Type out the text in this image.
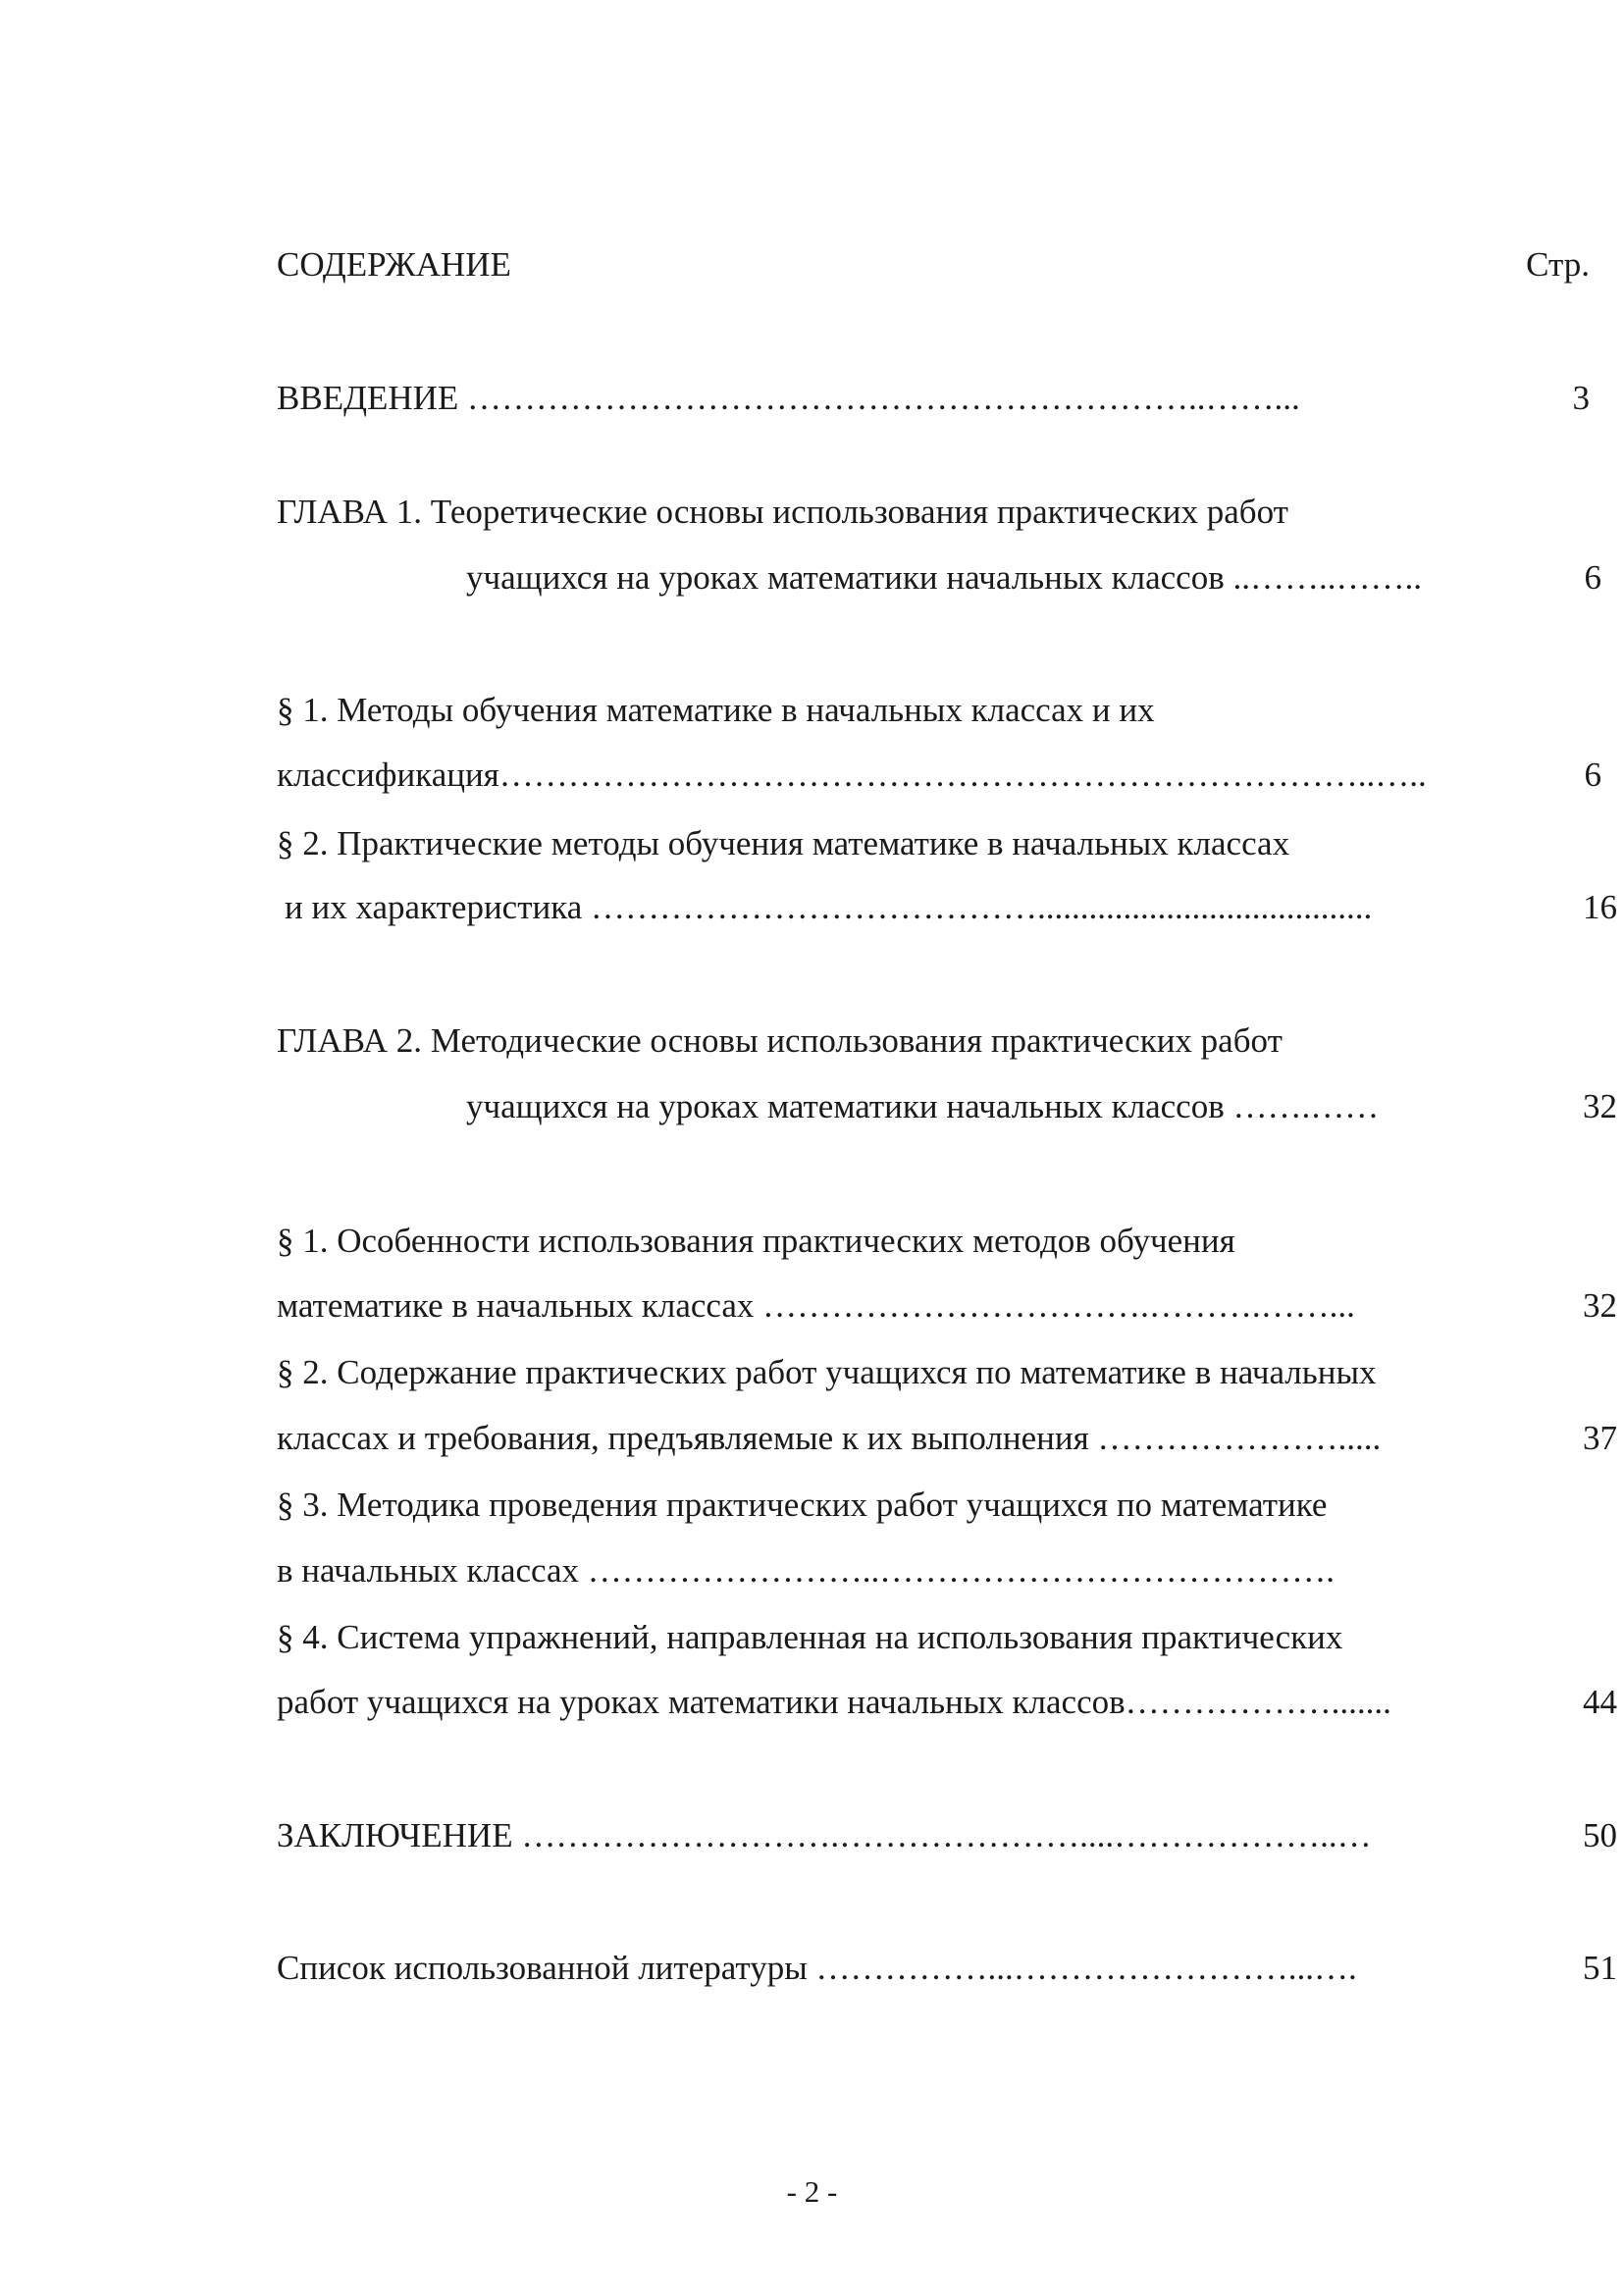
СОДЕРЖАНИЕ	Стр.
ВВЕДЕНИЕ ………………………………………………………..……...	3
ГЛАВА 1. Теоретические основы использования практических работ
учащихся на уроках математики начальных классов ..……..……..	6
§ 1. Методы обучения математике в начальных классах и их
классификация…………………………………………………………………..…..	6
§ 2. Практические методы обучения математике в начальных классах
и их характеристика ………………………………….......................................	16
ГЛАВА 2. Методические основы использования практических работ
учащихся на уроках математики начальных классов …….……	32
§ 1. Особенности использования практических методов обучения
математике в начальных классах …………………………….……….……...	32
§ 2. Содержание практических работ учащихся по математике в начальных
классах и требования, предъявляемые к их выполнения ………………….....	37
§ 3. Методика проведения практических работ учащихся по математике
в начальных классах ……………………..………………………………….
§ 4. Система упражнений, направленная на использования практических
работ учащихся на уроках математики начальных классов……………….......	44
ЗАКЛЮЧЕНИЕ ……………………….…………………....………………..…	50
Список использованной литературы ……………...……………………...….	51
- 2 -
